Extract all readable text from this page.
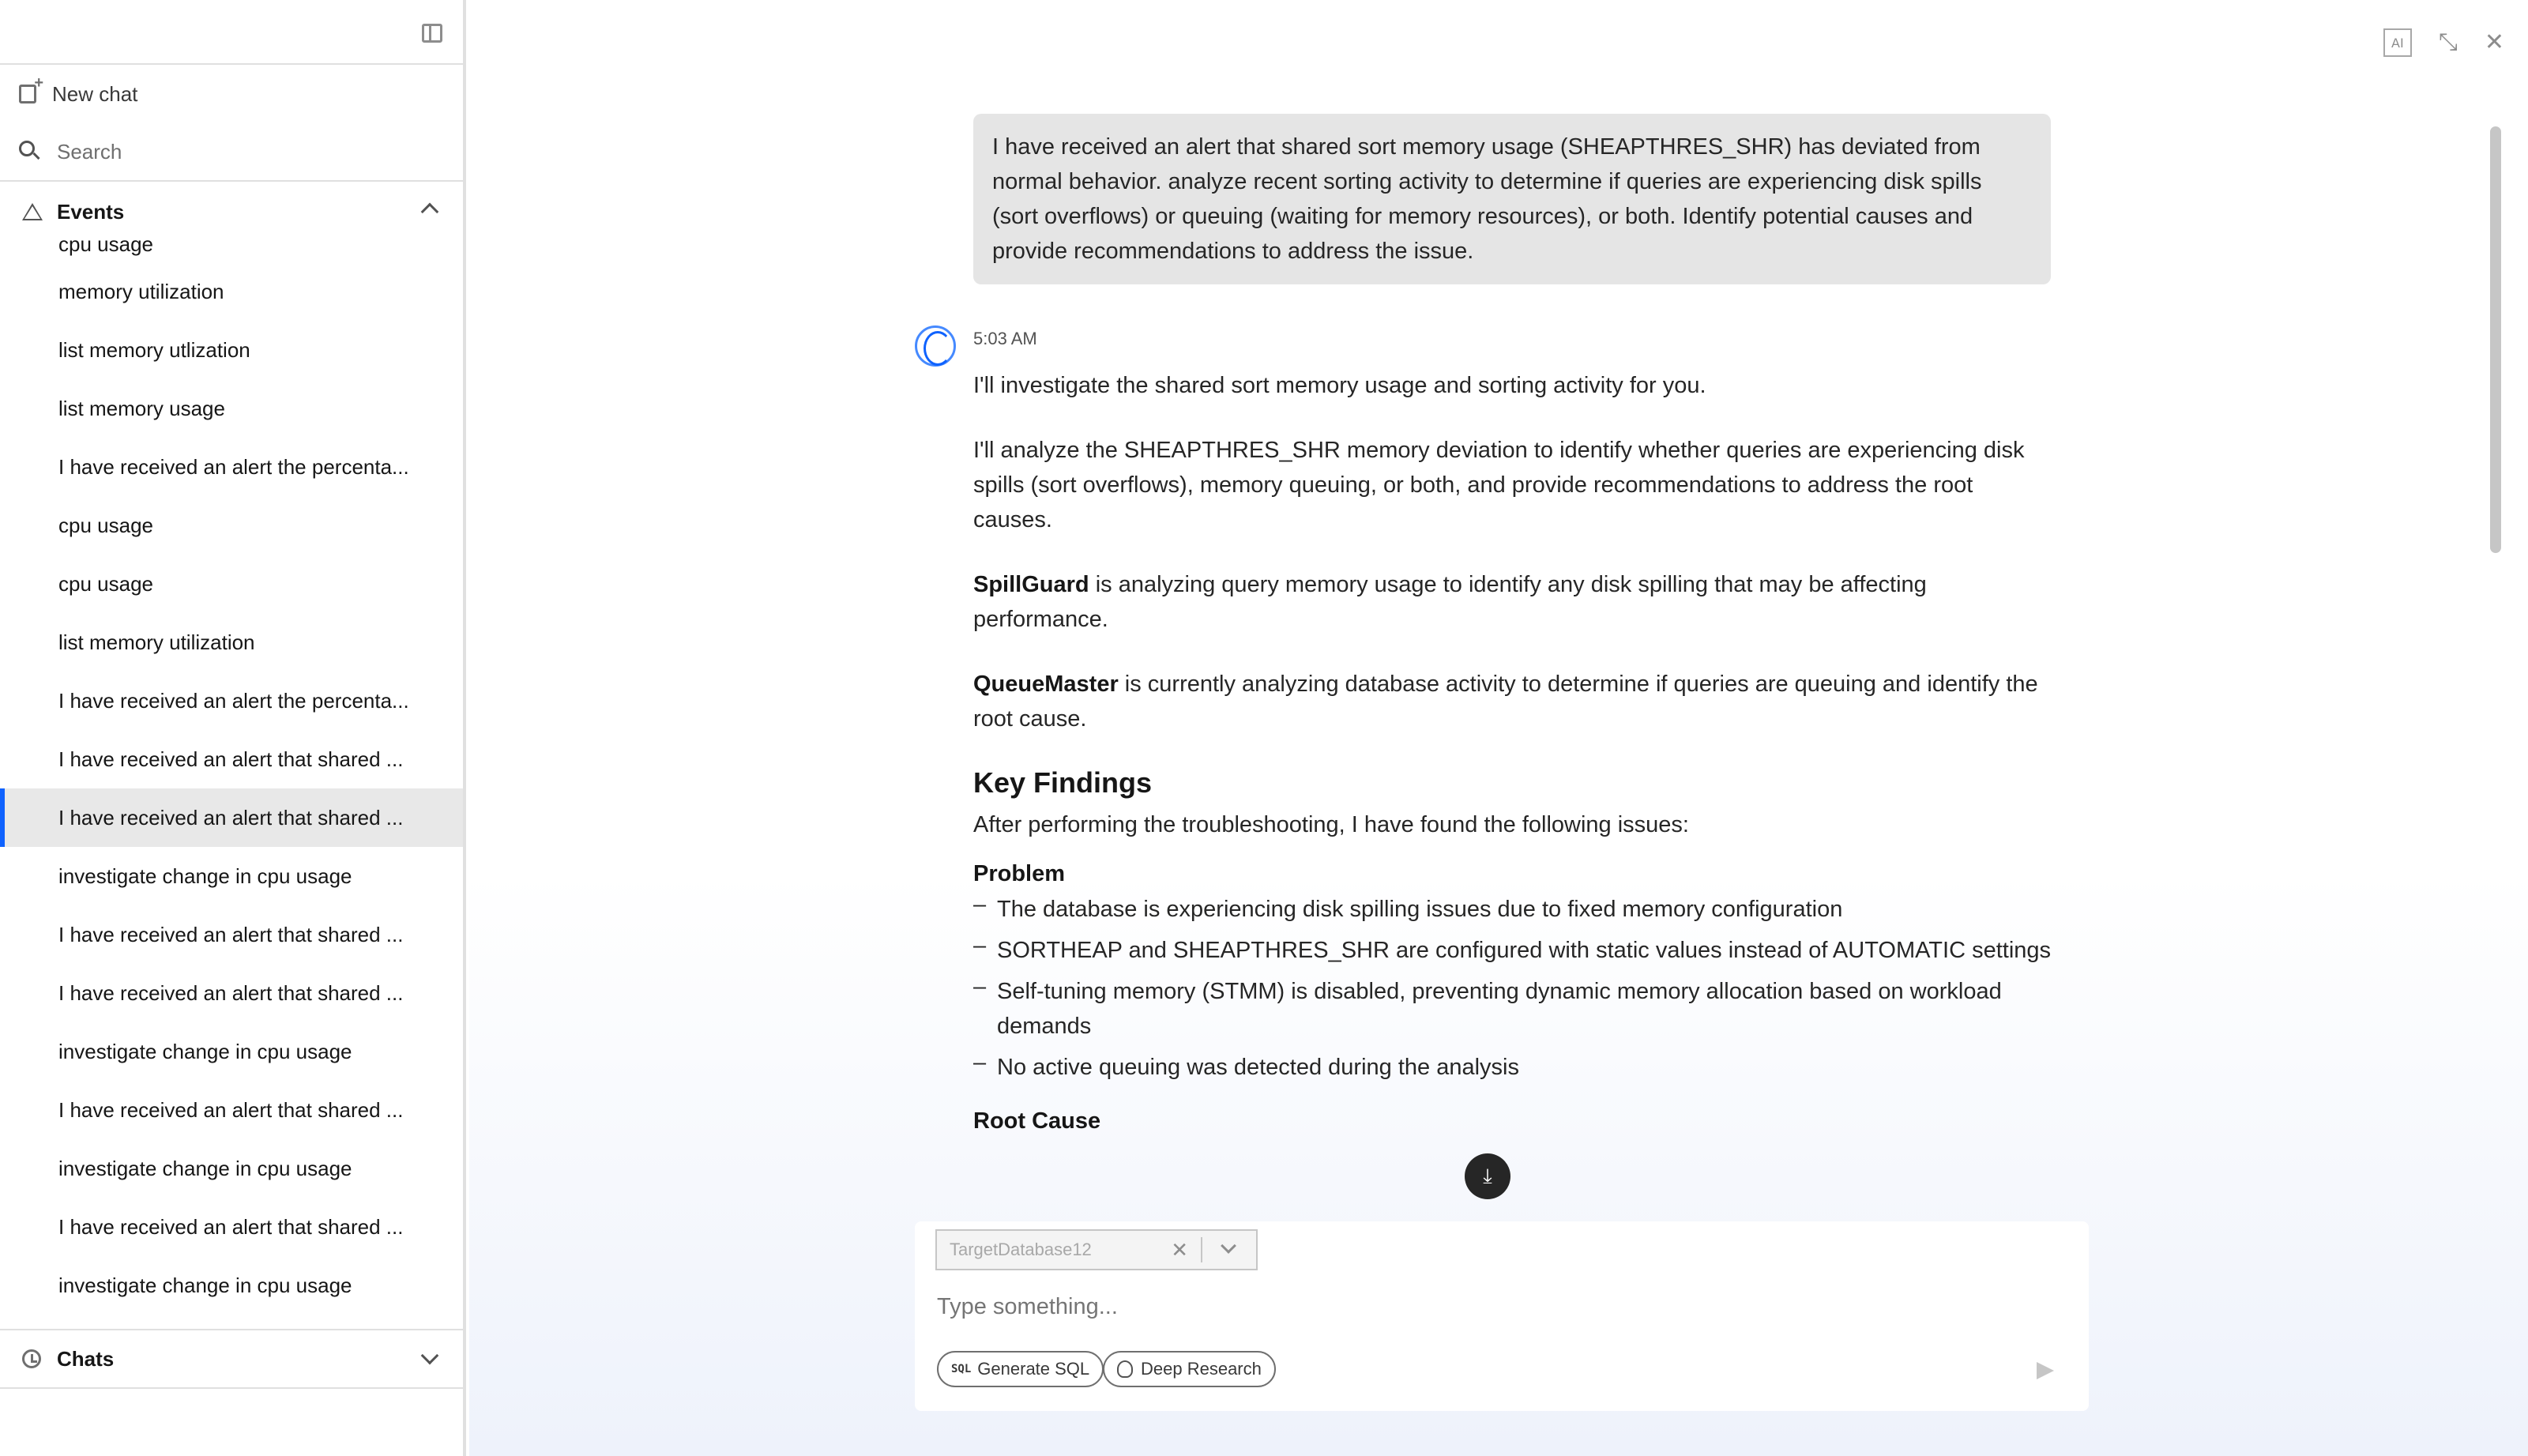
+
New chat
Search
Events
cpu usage
memory utilization
list memory utlization
list memory usage
I have received an alert the percenta...
cpu usage
cpu usage
list memory utilization
I have received an alert the percenta...
I have received an alert that shared ...
I have received an alert that shared ...
investigate change in cpu usage
I have received an alert that shared ...
I have received an alert that shared ...
investigate change in cpu usage
I have received an alert that shared ...
investigate change in cpu usage
I have received an alert that shared ...
investigate change in cpu usage
Chats
AI	⤡ ✕
I have received an alert that shared sort memory usage (SHEAPTHRES_SHR) has deviated from normal behavior. analyze recent sorting activity to determine if queries are experiencing disk spills (sort overflows) or queuing (waiting for memory resources), or both. Identify potential causes and provide recommendations to address the issue.
5:03 AM

I'll investigate the shared sort memory usage and sorting activity for you.

I'll analyze the SHEAPTHRES_SHR memory deviation to identify whether queries are experiencing disk spills (sort overflows), memory queuing, or both, and provide recommendations to address the root causes.

SpillGuard is analyzing query memory usage to identify any disk spilling that may be affecting performance.

QueueMaster is currently analyzing database activity to determine if queries are queuing and identify the root cause.

Key Findings

After performing the troubleshooting, I have found the following issues:

Problem
– The database is experiencing disk spilling issues due to fixed memory configuration
– SORTHEAP and SHEAPTHRES_SHR are configured with static values instead of AUTOMATIC settings
– Self-tuning memory (STMM) is disabled, preventing dynamic memory allocation based on workload demands
– No active queuing was detected during the analysis
Root Cause
⤓
TargetDatabase12	✕
Type something...
SQL Generate SQL	Deep Research
